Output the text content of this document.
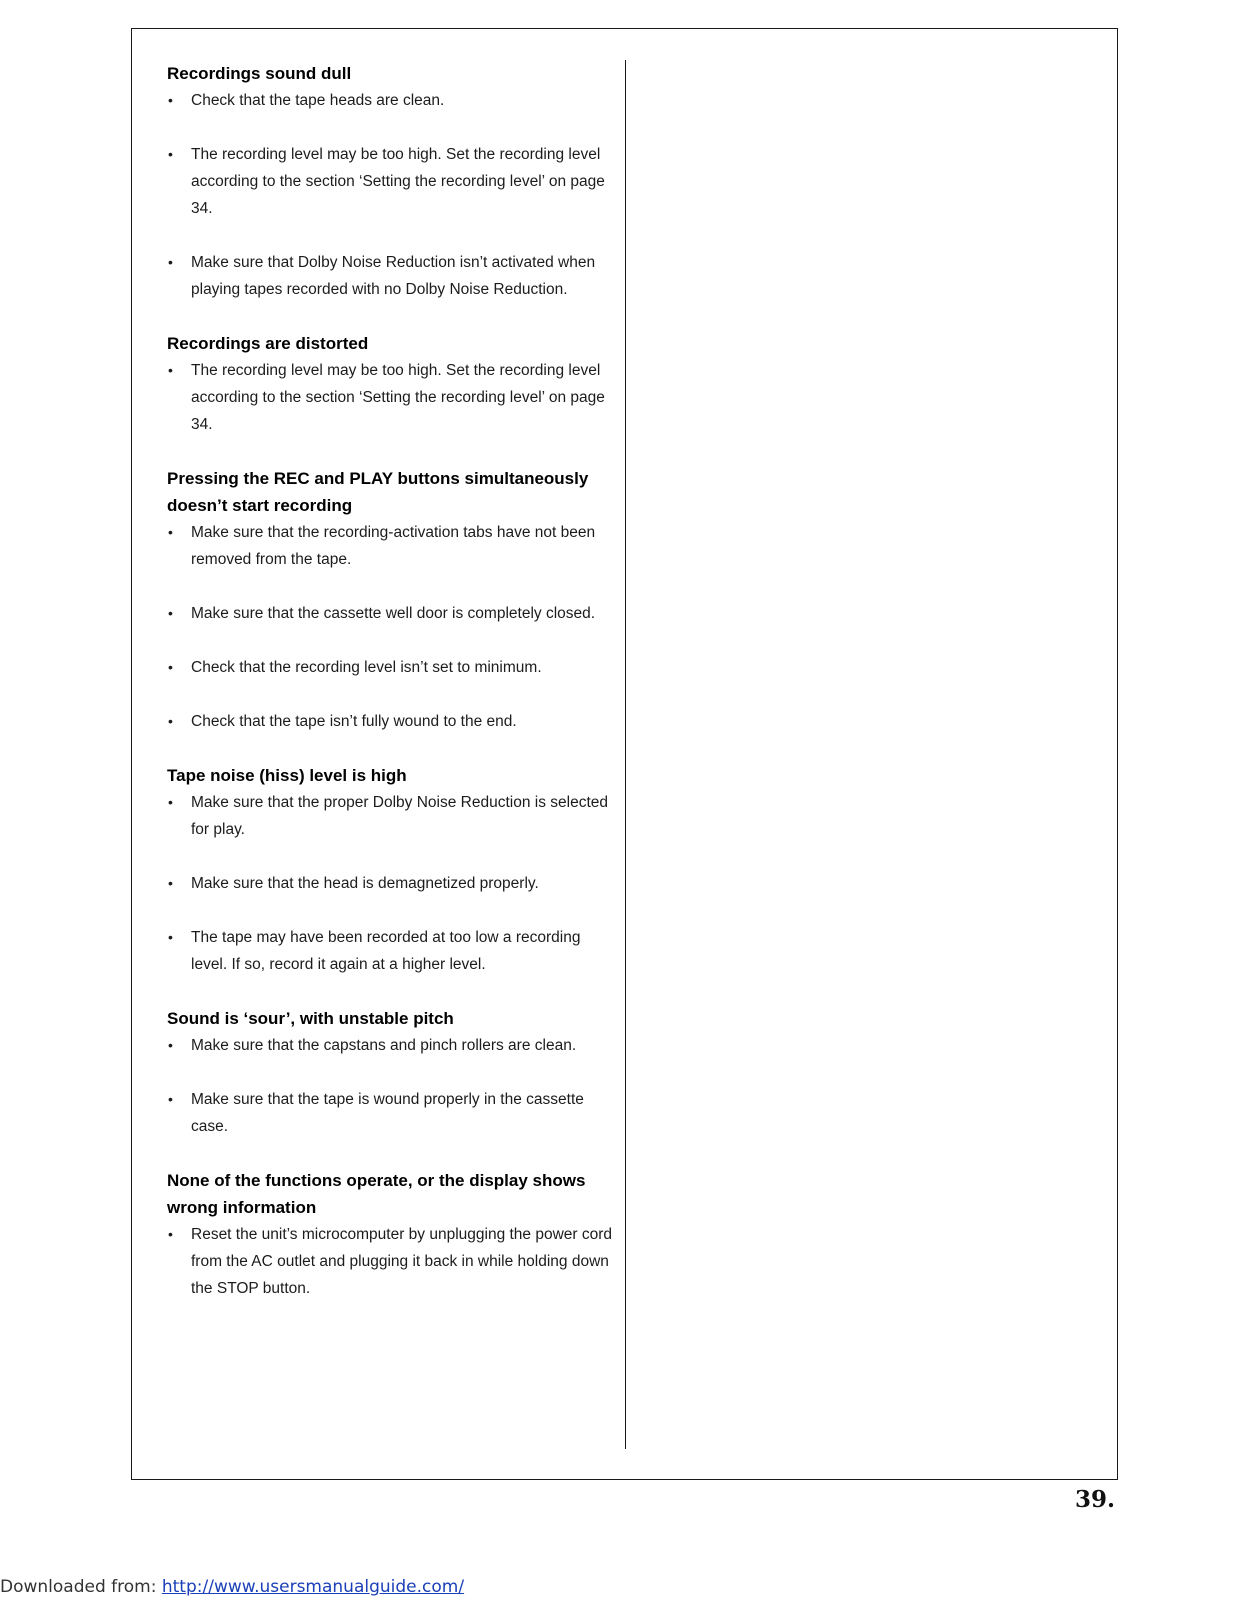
Recordings sound dull
• Check that the tape heads are clean.
• The recording level may be too high. Set the recording level according to the section ‘Setting the recording level’ on page 34.
• Make sure that Dolby Noise Reduction isn’t activated when playing tapes recorded with no Dolby Noise Reduction.
Recordings are distorted
• The recording level may be too high. Set the recording level according to the section ‘Setting the recording level’ on page 34.
Pressing the REC and PLAY buttons simultaneously doesn’t start recording
• Make sure that the recording-activation tabs have not been removed from the tape.
• Make sure that the cassette well door is completely closed.
• Check that the recording level isn’t set to minimum.
• Check that the tape isn’t fully wound to the end.
Tape noise (hiss) level is high
• Make sure that the proper Dolby Noise Reduction is selected for play.
• Make sure that the head is demagnetized properly.
• The tape may have been recorded at too low a recording level. If so, record it again at a higher level.
Sound is ‘sour’, with unstable pitch
• Make sure that the capstans and pinch rollers are clean.
• Make sure that the tape is wound properly in the cassette case.
None of the functions operate, or the display shows wrong information
• Reset the unit’s microcomputer by unplugging the power cord from the AC outlet and plugging it back in while holding down the STOP button.
39.
Downloaded from: http://www.usersmanualguide.com/
